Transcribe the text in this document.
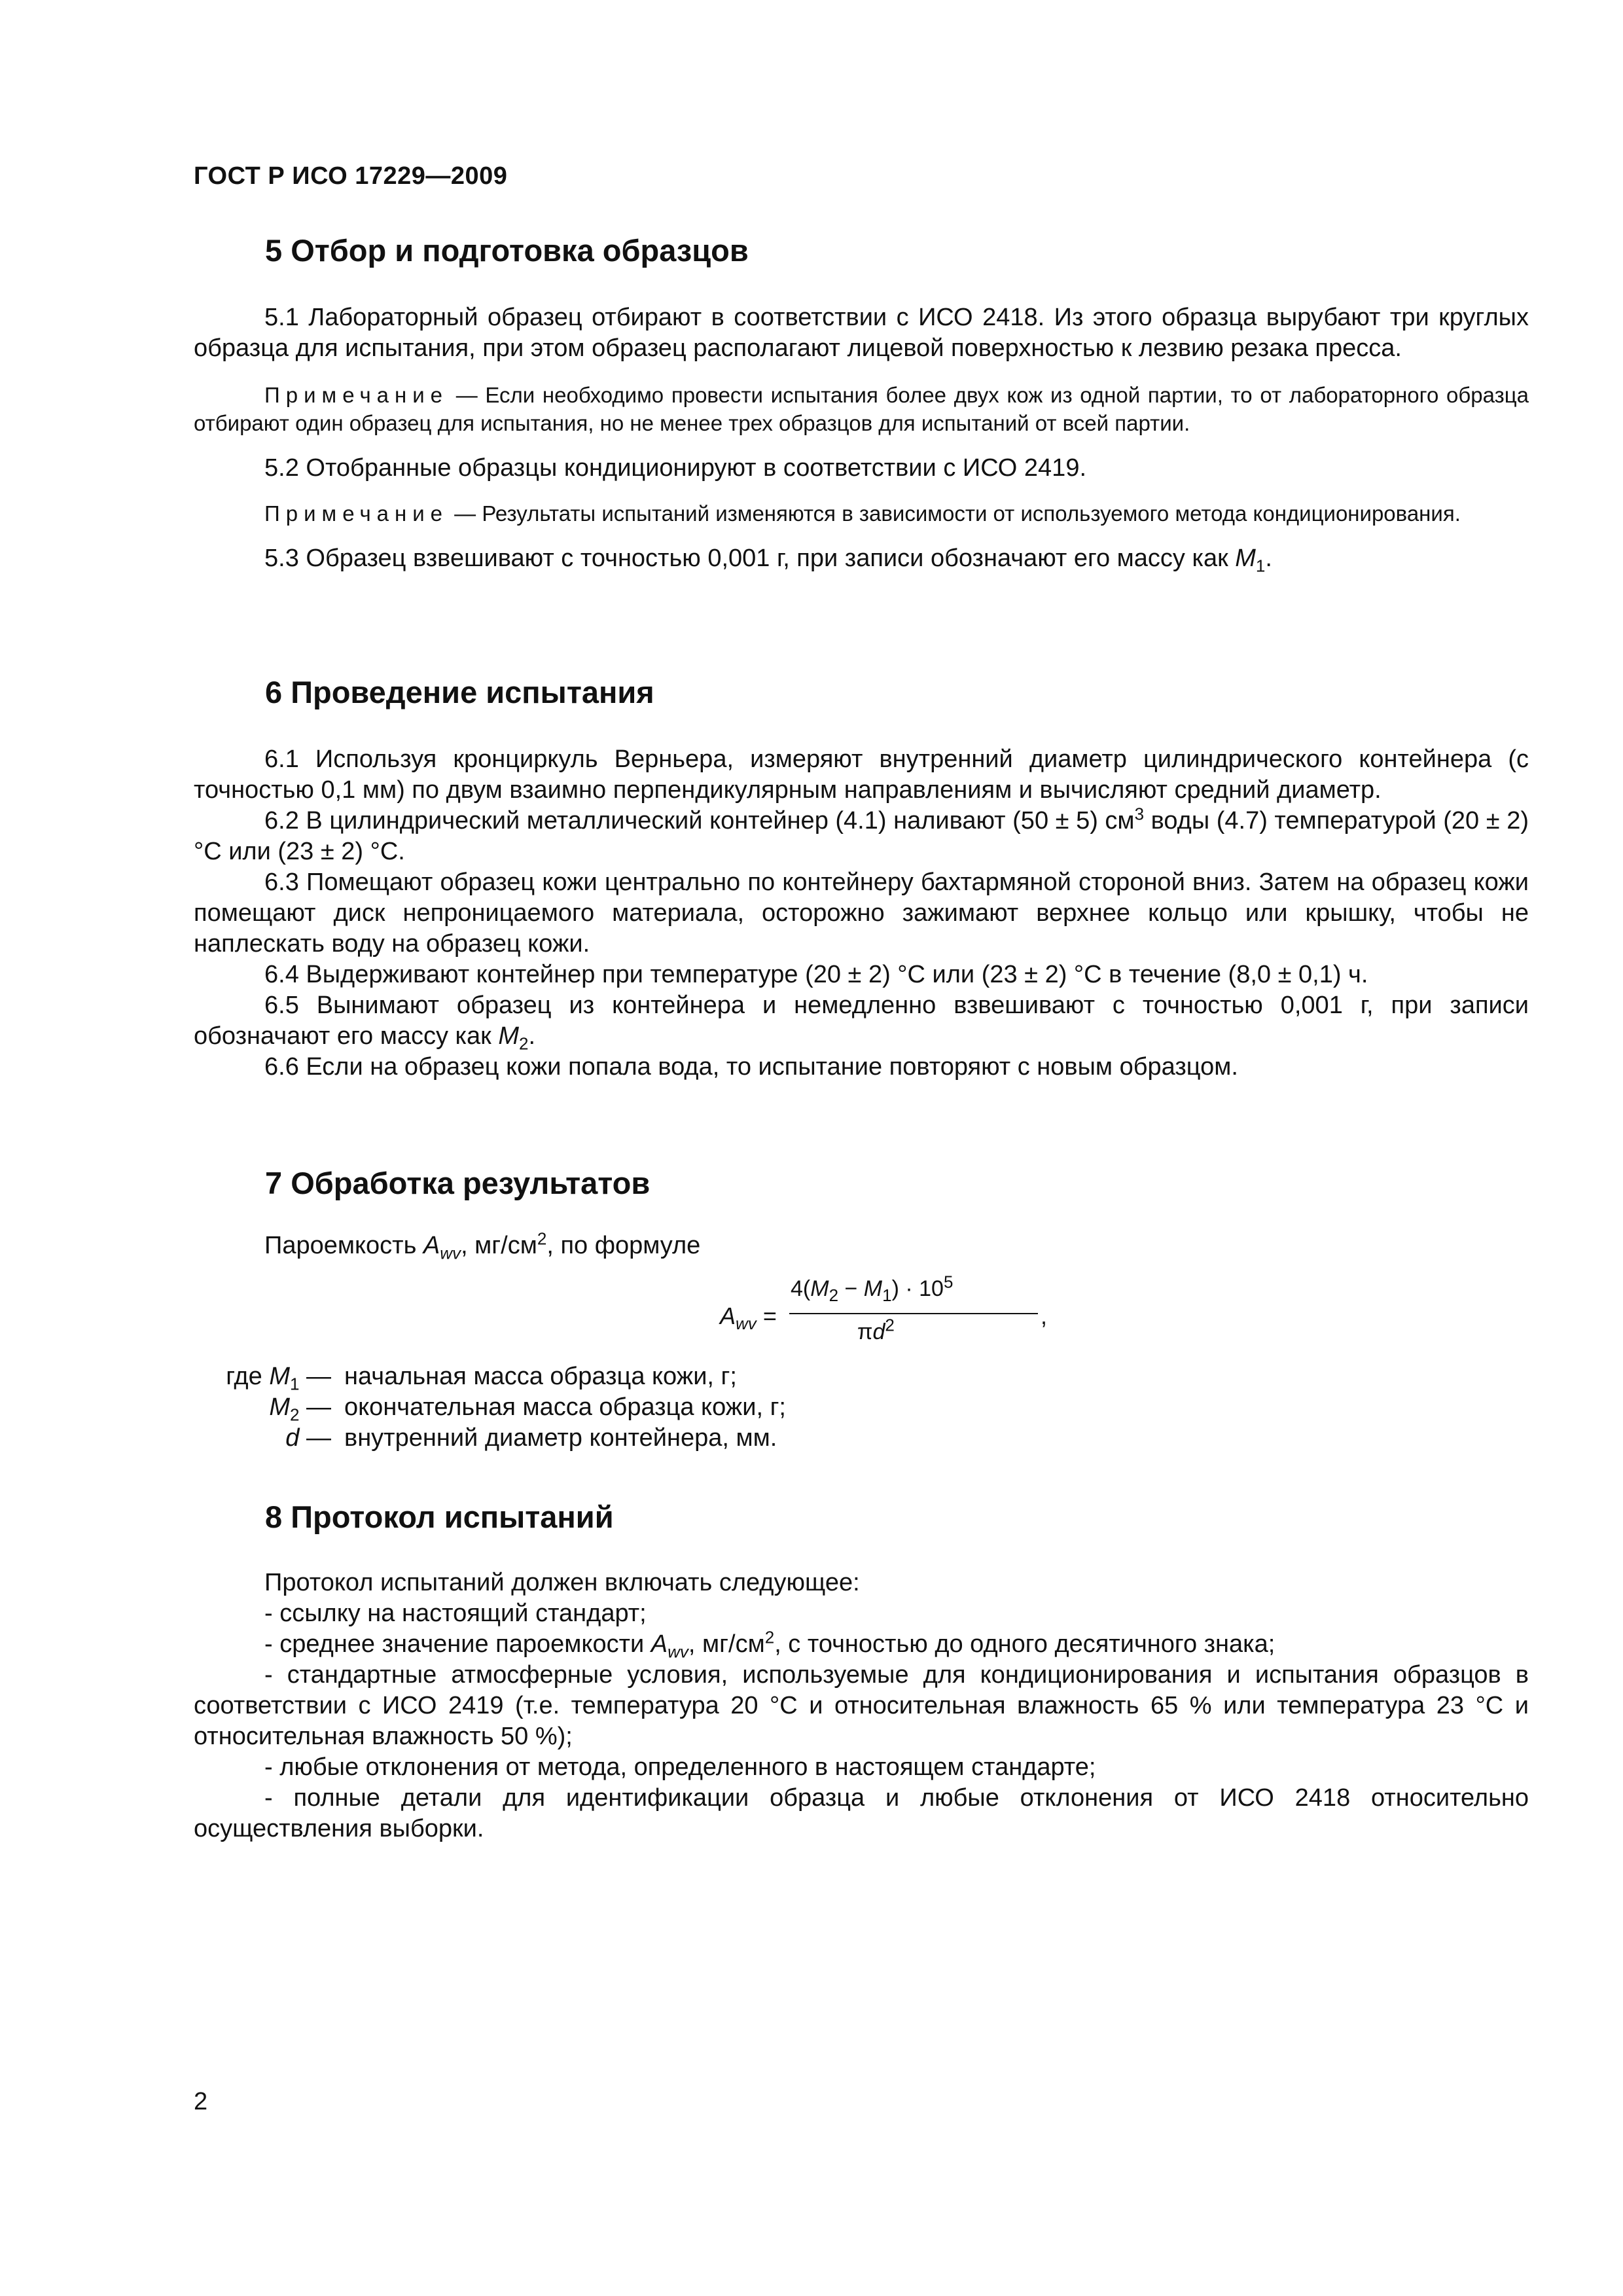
ГОСТ Р ИСО 17229—2009
5 Отбор и подготовка образцов

5.1 Лабораторный образец отбирают в соответствии с ИСО 2418. Из этого образца вырубают три круглых образца для испытания, при этом образец располагают лицевой поверхностью к лезвию резака пресса.

Примечание — Если необходимо провести испытания более двух кож из одной партии, то от лабораторного образца отбирают один образец для испытания, но не менее трех образцов для испытаний от всей партии.

5.2 Отобранные образцы кондиционируют в соответствии с ИСО 2419.

Примечание — Результаты испытаний изменяются в зависимости от используемого метода кондиционирования.

5.3 Образец взвешивают с точностью 0,001 г, при записи обозначают его массу как $M_1$.

6 Проведение испытания

6.1 Используя кронциркуль Верньера, измеряют внутренний диаметр цилиндрического контейнера (с точностью 0,1 мм) по двум взаимно перпендикулярным направлениям и вычисляют средний диаметр.

6.2 В цилиндрический металлический контейнер (4.1) наливают (50 ± 5) $см^3$ воды (4.7) температурой (20 ± 2) °С или (23 ± 2) °С.

6.3 Помещают образец кожи центрально по контейнеру бахтармяной стороной вниз. Затем на образец кожи помещают диск непроницаемого материала, осторожно зажимают верхнее кольцо или крышку, чтобы не наплескать воду на образец кожи.

6.4 Выдерживают контейнер при температуре (20 ± 2) °С или (23 ± 2) °С в течение (8,0 ± 0,1) ч.

6.5 Вынимают образец из контейнера и немедленно взвешивают с точностью 0,001 г, при записи обозначают его массу как $M_2$.

6.6 Если на образец кожи попала вода, то испытание повторяют с новым образцом.

7 Обработка результатов

Пароемкость $A_{wv}$, $мг/см^2$, по формуле

$A_{wv}$ =
$4(M_2 - M_1) \cdot 10^5$
,
$\pi d^2$
где $M_1$ — начальная масса образца кожи, г;
$M_2$ — окончательная масса образца кожи, г;
d — внутренний диаметр контейнера, мм.
8 Протокол испытаний

Протокол испытаний должен включать следующее:

- ссылку на настоящий стандарт;

- среднее значение пароемкости $A_{wv}$, $мг/см^2$, с точностью до одного десятичного знака;

- стандартные атмосферные условия, используемые для кондиционирования и испытания образцов в соответствии с ИСО 2419 (т.е. температура 20 °С и относительная влажность 65 % или температура 23 °С и относительная влажность 50 %);

- любые отклонения от метода, определенного в настоящем стандарте;

- полные детали для идентификации образца и любые отклонения от ИСО 2418 относительно осуществления выборки.

2
